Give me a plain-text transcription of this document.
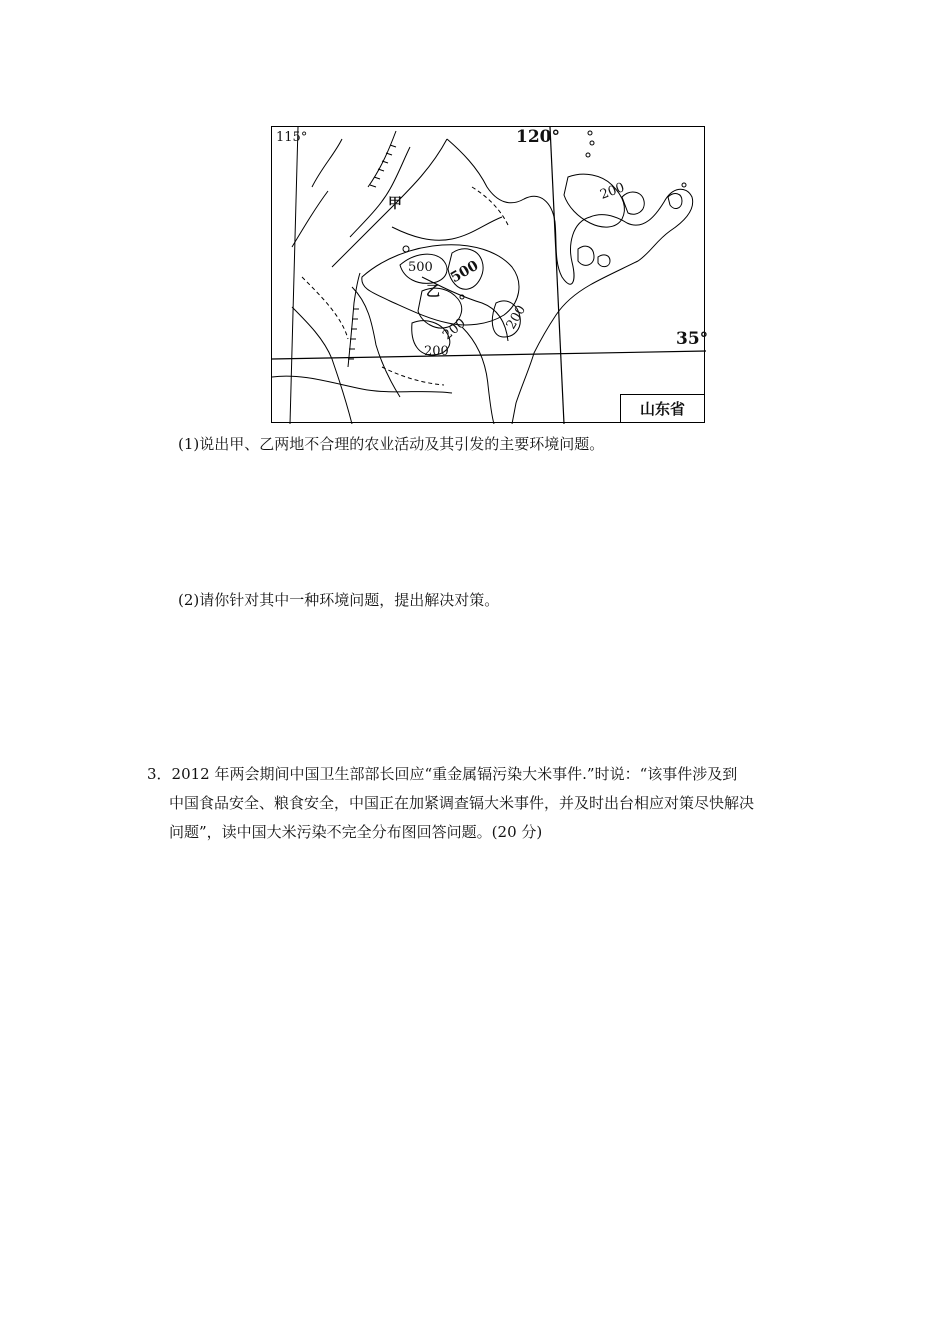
115°	120°
35°
甲
乙
500 500
200	200
200
200
山东省
(1)说出甲、乙两地不合理的农业活动及其引发的主要环境问题。
(2)请你针对其中一种环境问题，提出解决对策。
3．2012 年两会期间中国卫生部部长回应“重金属镉污染大米事件.”时说：“该事件涉及到
中国食品安全、粮食安全，中国正在加紧调查镉大米事件，并及时出台相应对策尽快解决
问题”，读中国大米污染不完全分布图回答问题。(20 分)
